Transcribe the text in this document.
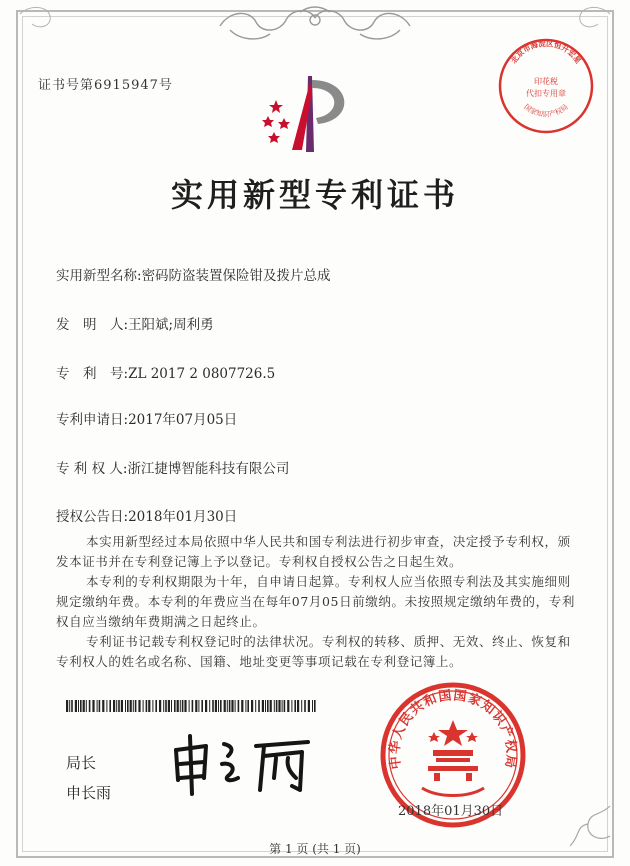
证书号第6915947号
实用新型专利证书
实用新型名称:密码防盗装置保险钳及拨片总成
发　明　人:王阳斌;周利勇
专　利　号:ZL 2017 2 0807726.5
专利申请日:2017年07月05日
专 利 权 人:浙江捷博智能科技有限公司
授权公告日:2018年01月30日

本实用新型经过本局依照中华人民共和国专利法进行初步审查，决定授予专利权，颁发本证书并在专利登记簿上予以登记。专利权自授权公告之日起生效。

本专利的专利权期限为十年，自申请日起算。专利权人应当依照专利法及其实施细则规定缴纳年费。本专利的年费应当在每年07月05日前缴纳。未按照规定缴纳年费的，专利权自应当缴纳年费期满之日起终止。

专利证书记载专利权登记时的法律状况。专利权的转移、质押、无效、终止、恢复和专利权人的姓名或名称、国籍、地址变更等事项记载在专利登记簿上。

局长
申长雨
中华人民共和国国家知识产权局
2018年01月30日
北京市海淀区恒升宏星
印花税
代扣专用章
国家知识产权局
第 1 页 (共 1 页)
